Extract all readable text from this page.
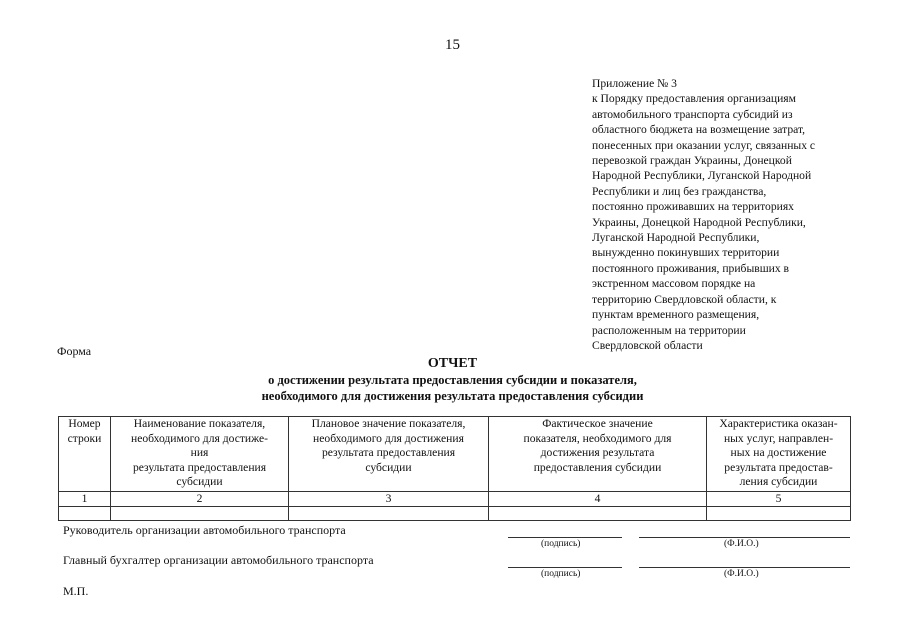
15
Приложение № 3
к Порядку предоставления организациям
автомобильного транспорта субсидий из
областного бюджета на возмещение затрат,
понесенных при оказании услуг, связанных с
перевозкой граждан Украины, Донецкой
Народной Республики, Луганской Народной
Республики и лиц без гражданства,
постоянно проживавших на территориях
Украины, Донецкой Народной Республики,
Луганской Народной Республики,
вынужденно покинувших территории
постоянного проживания, прибывших в
экстренном массовом порядке на
территорию Свердловской области, к
пунктам временного размещения,
расположенным на территории
Свердловской области
Форма
ОТЧЕТ
о достижении результата предоставления субсидии и показателя,
необходимого для достижения результата предоставления субсидии
Номер
строки	Наименование показателя,
необходимого для достиже-
ния
результата предоставления
субсидии	Плановое значение показателя,
необходимого для достижения
результата предоставления
субсидии	Фактическое значение
показателя, необходимого для
достижения результата
предоставления субсидии	Характеристика оказан-
ных услуг, направлен-
ных на достижение
результата предостав-
ления субсидии

1	2	3	4	5

Руководитель организации автомобильного транспорта
(подпись)	(Ф.И.О.)
Главный бухгалтер организации автомобильного транспорта
(подпись)	(Ф.И.О.)
М.П.
